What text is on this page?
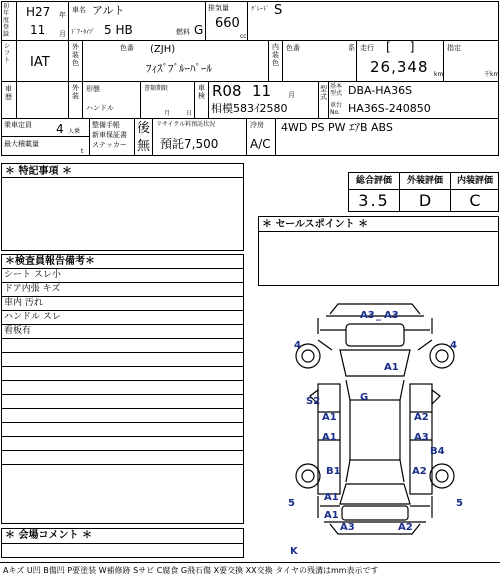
初年度登録
H27 年
11 月
車名 アルト
ﾄﾞｱ･ﾀｲﾌﾟ 5 HB	燃料 G
排気量
660
cc
ｸﾞﾚｰﾄﾞ S
シフト IAT
外装色
色番 (ZJH)
ﾌｨｽﾞﾌﾞﾙｰﾊﾟｰﾙ
内装色
色番	系 走行 [     ]
26,348 km
指定
千km
車歴
外装
形態
ハンドル
書類期限
月	日
車検 R08 11 月
相模583ｲ2580
型式
基本型式 DBA-HA36S
車台No. HA36S-240850
乗車定員 4 人乗
最大積載量
t
整備手帳
新車保証書
ステッカー
後
無
リサイクル料預託状況
預託7,500
冷房
A/C
4WD PS PW ｴｱB ABS
＊ 特記事項 ＊
＊検査員報告備考＊
シート スレ小
ドア内張 キズ
車内 汚れ
ハンドル スレ
看板有
＊ 会場コメント ＊
総合評価	外装評価	内装評価
3.5	D	C
＊ セールスポイント ＊
A3 _ A3
4	4
A1
G
S2
A1	A2
A1	A3
B4
B1	A2
A1
5	5
A1
A3	A2
K
Aキズ U凹 B傷凹 P要塗装 W補修跡 Sサビ C腐食 G飛石傷 X要交換 XX交換 タイヤの残溝はmm表示です
